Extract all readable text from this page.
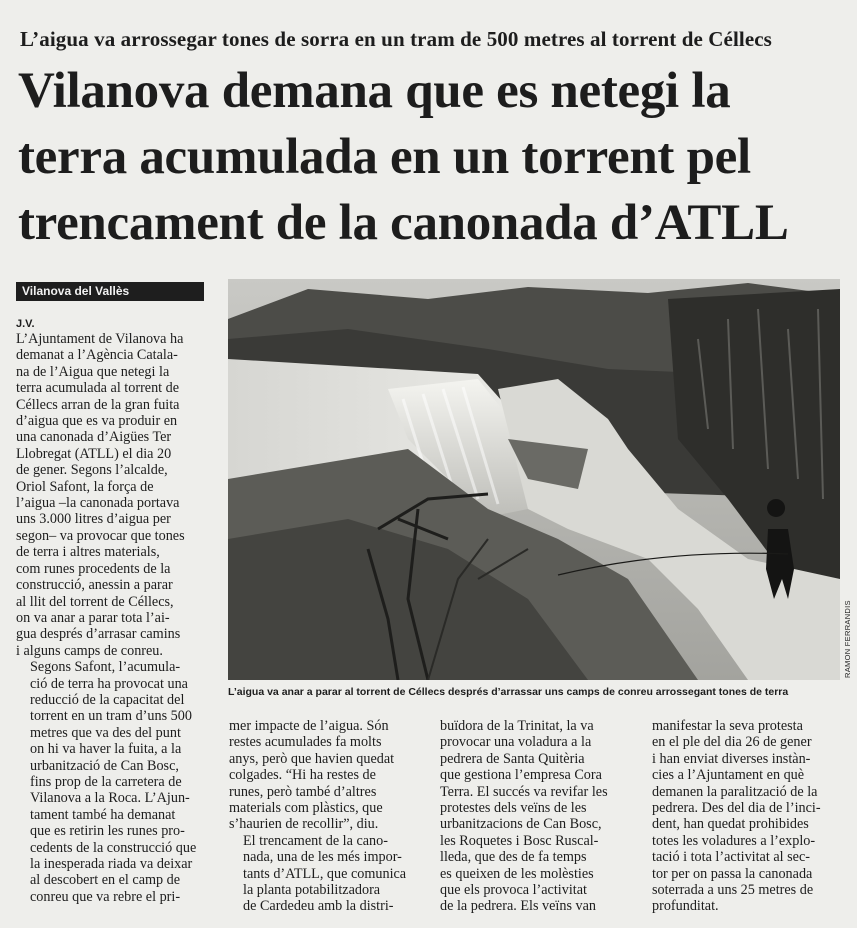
L’aigua va arrossegar tones de sorra en un tram de 500 metres al torrent de Céllecs
Vilanova demana que es netegi la
terra acumulada en un torrent pel
trencament de la canonada d’ATLL
Vilanova del Vallès
J.V.

L’Ajuntament de Vilanova ha
demanat a l’Agència Catala-
na de l’Aigua que netegi la
terra acumulada al torrent de
Céllecs arran de la gran fuita
d’aigua que es va produir en
una canonada d’Aigües Ter
Llobregat (ATLL) el dia 20
de gener. Segons l’alcalde,
Oriol Safont, la força de
l’aigua –la canonada portava
uns 3.000 litres d’aigua per
segon– va provocar que tones
de terra i altres materials,
com runes procedents de la
construcció, anessin a parar
al llit del torrent de Céllecs,
on va anar a parar tota l’ai-
gua després d’arrasar camins
i alguns camps de conreu.

Segons Safont, l’acumula-
ció de terra ha provocat una
reducció de la capacitat del
torrent en un tram d’uns 500
metres que va des del punt
on hi va haver la fuita, a la
urbanització de Can Bosc,
fins prop de la carretera de
Vilanova a la Roca. L’Ajun-
tament també ha demanat
que es retirin les runes pro-
cedents de la construcció que
la inesperada riada va deixar
al descobert en el camp de
conreu que va rebre el pri-

RAMON FERRANDIS
L’aigua va anar a parar al torrent de Céllecs després d’arrassar uns camps de conreu arrossegant tones de terra

mer impacte de l’aigua. Són
restes acumulades fa molts
anys, però que havien quedat
colgades. “Hi ha restes de
runes, però també d’altres
materials com plàstics, que
s’haurien de recollir”, diu.

El trencament de la cano-
nada, una de les més impor-
tants d’ATLL, que comunica
la planta potabilitzadora
de Cardedeu amb la distri-

buïdora de la Trinitat, la va
provocar una voladura a la
pedrera de Santa Quitèria
que gestiona l’empresa Cora
Terra. El succés va revifar les
protestes dels veïns de les
urbanitzacions de Can Bosc,
les Roquetes i Bosc Ruscal-
lleda, que des de fa temps
es queixen de les molèsties
que els provoca l’activitat
de la pedrera. Els veïns van

manifestar la seva protesta
en el ple del dia 26 de gener
i han enviat diverses instàn-
cies a l’Ajuntament en què
demanen la paralització de la
pedrera. Des del dia de l’inci-
dent, han quedat prohibides
totes les voladures a l’explo-
tació i tota l’activitat al sec-
tor per on passa la canonada
soterrada a uns 25 metres de
profunditat.
